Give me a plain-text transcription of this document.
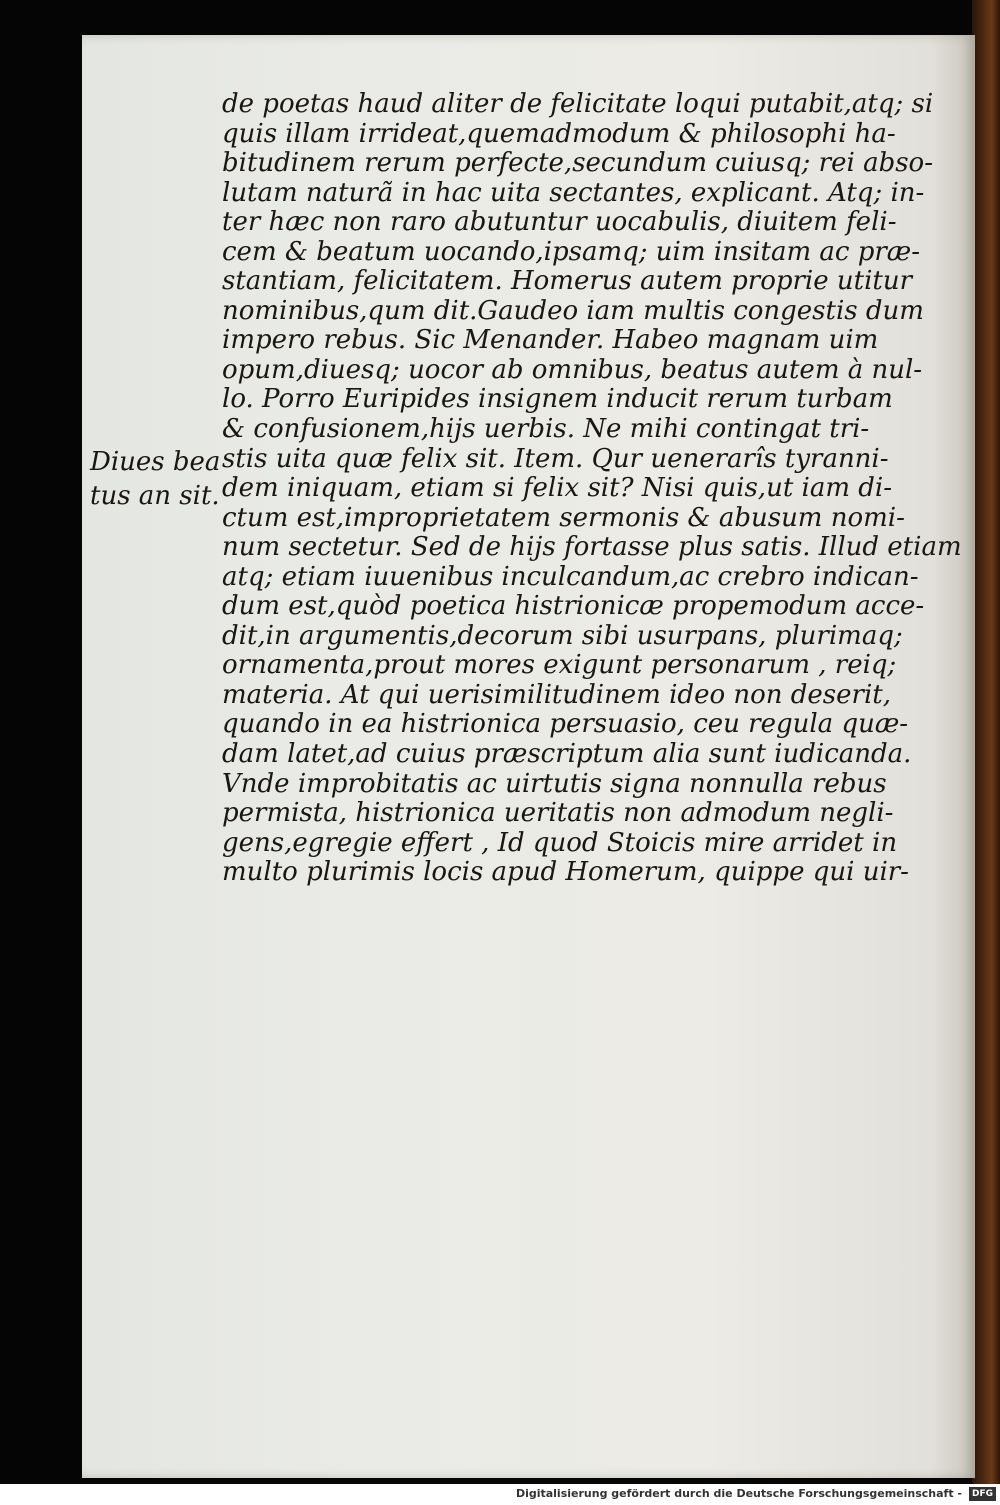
de poetas haud aliter de felicitate loqui putabit,atq; si
quis illam irrideat,quemadmodum & philosophi ha-
bitudinem rerum perfecte,secundum cuiusq; rei abso-
lutam naturã in hac uita sectantes, explicant. Atq; in-
ter hæc non raro abutuntur uocabulis, diuitem feli-
cem & beatum uocando,ipsamq; uim insitam ac præ-
stantiam, felicitatem. Homerus autem proprie utitur
nominibus,qum dit.Gaudeo iam multis congestis dum
impero rebus. Sic Menander. Habeo magnam uim
opum,diuesq; uocor ab omnibus, beatus autem à nul-
lo. Porro Euripides insignem inducit rerum turbam
& confusionem,hijs uerbis. Ne mihi contingat tri-
stis uita quæ felix sit. Item. Qur uenerarîs tyranni-
dem iniquam, etiam si felix sit? Nisi quis,ut iam di-
ctum est,improprietatem sermonis & abusum nomi-
num sectetur. Sed de hijs fortasse plus satis. Illud etiam
atq; etiam iuuenibus inculcandum,ac crebro indican-
dum est,quòd poetica histrionicæ propemodum acce-
dit,in argumentis,decorum sibi usurpans, plurimaq;
ornamenta,prout mores exigunt personarum , reiq;
materia. At qui uerisimilitudinem ideo non deserit,
quando in ea histrionica persuasio, ceu regula quæ-
dam latet,ad cuius præscriptum alia sunt iudicanda.
Vnde improbitatis ac uirtutis signa nonnulla rebus
permista, histrionica ueritatis non admodum negli-
gens,egregie effert , Id quod Stoicis mire arridet in
multo plurimis locis apud Homerum, quippe qui uir-
Diues bea
tus an sit.
Digitalisierung gefördert durch die Deutsche Forschungsgemeinschaft -	DFG
